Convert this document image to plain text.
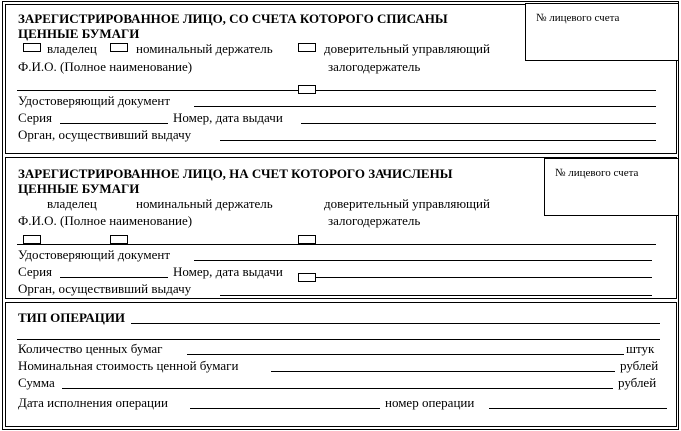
№ лицевого счета
ЗАРЕГИСТРИРОВАННОЕ ЛИЦО, СО СЧЕТА КОТОРОГО СПИСАНЫ
ЦЕННЫЕ БУМАГИ
владелец	номинальный держатель	доверительный управляющий
Ф.И.О. (Полное наименование)	залогодержатель
Удостоверяющий документ
Серия	Номер, дата выдачи
Орган, осуществивший выдачу
№ лицевого счета
ЗАРЕГИСТРИРОВАННОЕ ЛИЦО, НА СЧЕТ КОТОРОГО ЗАЧИСЛЕНЫ
ЦЕННЫЕ БУМАГИ
владелец	номинальный держатель	доверительный управляющий
Ф.И.О. (Полное наименование)	залогодержатель
Удостоверяющий документ
Серия	Номер, дата выдачи
Орган, осуществивший выдачу
ТИП ОПЕРАЦИИ
Количество ценных бумаг	штук
Номинальная стоимость ценной бумаги	рублей
Сумма	рублей
Дата исполнения операции	номер операции
